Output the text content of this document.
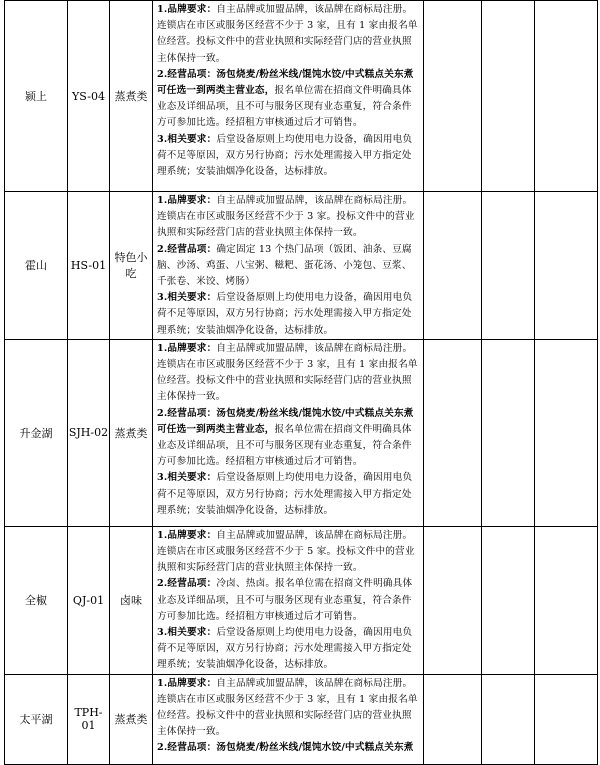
颍上	YS-04	蒸煮类	1.品牌要求：自主品牌或加盟品牌，该品牌在商标局注册。连锁店在市区或服务区经营不少于 3 家，且有 1 家由报名单位经营。投标文件中的营业执照和实际经营门店的营业执照主体保持一致。

2.经营品项：汤包烧麦/粉丝米线/馄饨水饺/中式糕点关东煮可任选一到两类主营业态，报名单位需在招商文件明确具体业态及详细品项，且不可与服务区现有业态重复，符合条件方可参加比选。经招租方审核通过后才可销售。

3.相关要求：后堂设备原则上均使用电力设备，确因用电负荷不足等原因，双方另行协商；污水处理需接入甲方指定处理系统；安装油烟净化设备，达标排放。			

霍山	HS-01	特色小吃	1.品牌要求：自主品牌或加盟品牌，该品牌在商标局注册。连锁店在市区或服务区经营不少于 3 家。投标文件中的营业执照和实际经营门店的营业执照主体保持一致。

2.经营品项：确定固定 13 个热门品项（饭团、油条、豆腐脑、沙汤、鸡蛋、八宝粥、糍粑、蛋花汤、小笼包、豆浆、千张卷、米饺、烤肠）

3.相关要求：后堂设备原则上均使用电力设备，确因用电负荷不足等原因，双方另行协商；污水处理需接入甲方指定处理系统；安装油烟净化设备，达标排放。			

升金湖	SJH-02	蒸煮类	1.品牌要求：自主品牌或加盟品牌，该品牌在商标局注册。连锁店在市区或服务区经营不少于 3 家，且有 1 家由报名单位经营。投标文件中的营业执照和实际经营门店的营业执照主体保持一致。

2.经营品项：汤包烧麦/粉丝米线/馄饨水饺/中式糕点关东煮可任选一到两类主营业态，报名单位需在招商文件明确具体业态及详细品项，且不可与服务区现有业态重复，符合条件方可参加比选。经招租方审核通过后才可销售。

3.相关要求：后堂设备原则上均使用电力设备，确因用电负荷不足等原因，双方另行协商；污水处理需接入甲方指定处理系统；安装油烟净化设备，达标排放。			

全椒	QJ-01	卤味	1.品牌要求：自主品牌或加盟品牌，该品牌在商标局注册。连锁店在市区或服务区经营不少于 5 家。投标文件中的营业执照和实际经营门店的营业执照主体保持一致。

2.经营品项：冷卤、热卤。报名单位需在招商文件明确具体业态及详细品项，且不可与服务区现有业态重复，符合条件方可参加比选。经招租方审核通过后才可销售。

3.相关要求：后堂设备原则上均使用电力设备，确因用电负荷不足等原因，双方另行协商；污水处理需接入甲方指定处理系统；安装油烟净化设备，达标排放。			

太平湖	TPH-01	蒸煮类	1.品牌要求：自主品牌或加盟品牌，该品牌在商标局注册。连锁店在市区或服务区经营不少于 3 家，且有 1 家由报名单位经营。投标文件中的营业执照和实际经营门店的营业执照主体保持一致。

2.经营品项：汤包烧麦/粉丝米线/馄饨水饺/中式糕点关东煮			
